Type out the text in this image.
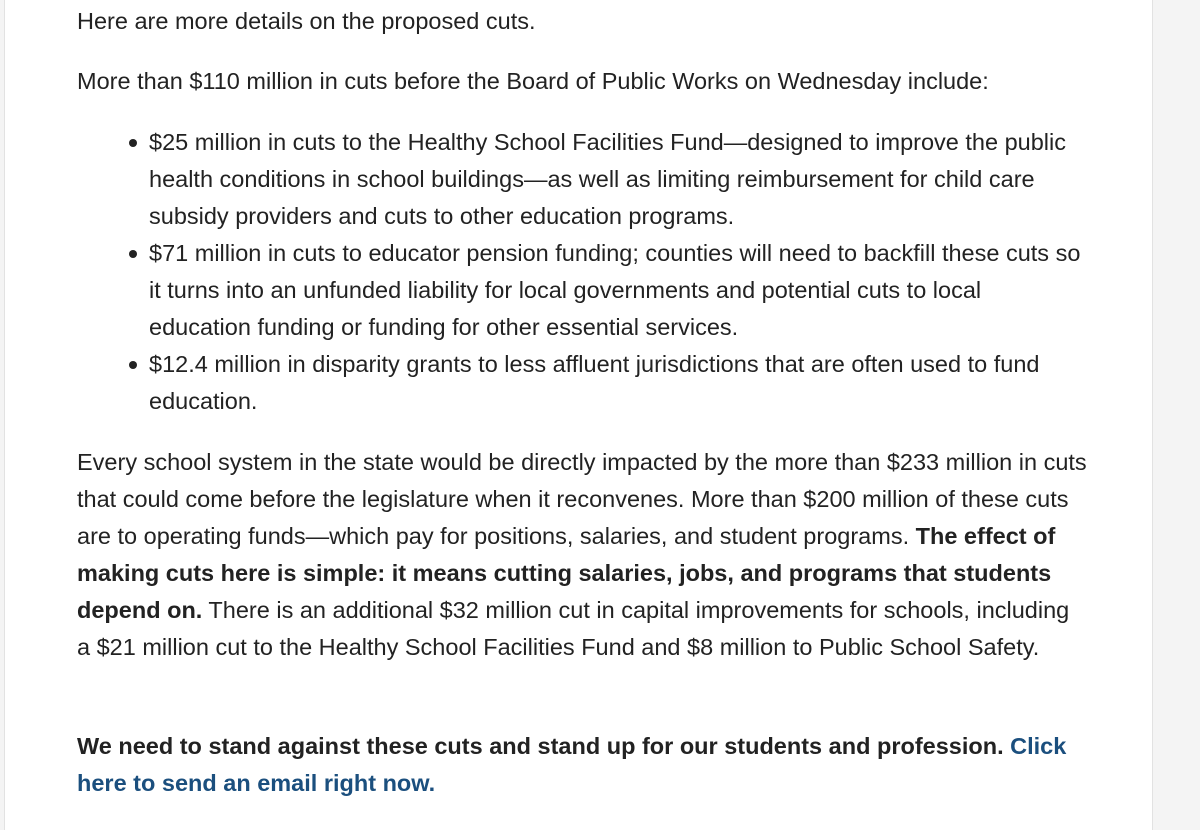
Here are more details on the proposed cuts.

More than $110 million in cuts before the Board of Public Works on Wednesday include:

$25 million in cuts to the Healthy School Facilities Fund—designed to improve the public health conditions in school buildings—as well as limiting reimbursement for child care subsidy providers and cuts to other education programs.
$71 million in cuts to educator pension funding; counties will need to backfill these cuts so it turns into an unfunded liability for local governments and potential cuts to local education funding or funding for other essential services.
$12.4 million in disparity grants to less affluent jurisdictions that are often used to fund education.

Every school system in the state would be directly impacted by the more than $233 million in cuts that could come before the legislature when it reconvenes. More than $200 million of these cuts are to operating funds—which pay for positions, salaries, and student programs. The effect of making cuts here is simple: it means cutting salaries, jobs, and programs that students depend on. There is an additional $32 million cut in capital improvements for schools, including a $21 million cut to the Healthy School Facilities Fund and $8 million to Public School Safety.

We need to stand against these cuts and stand up for our students and profession. Click here to send an email right now.
